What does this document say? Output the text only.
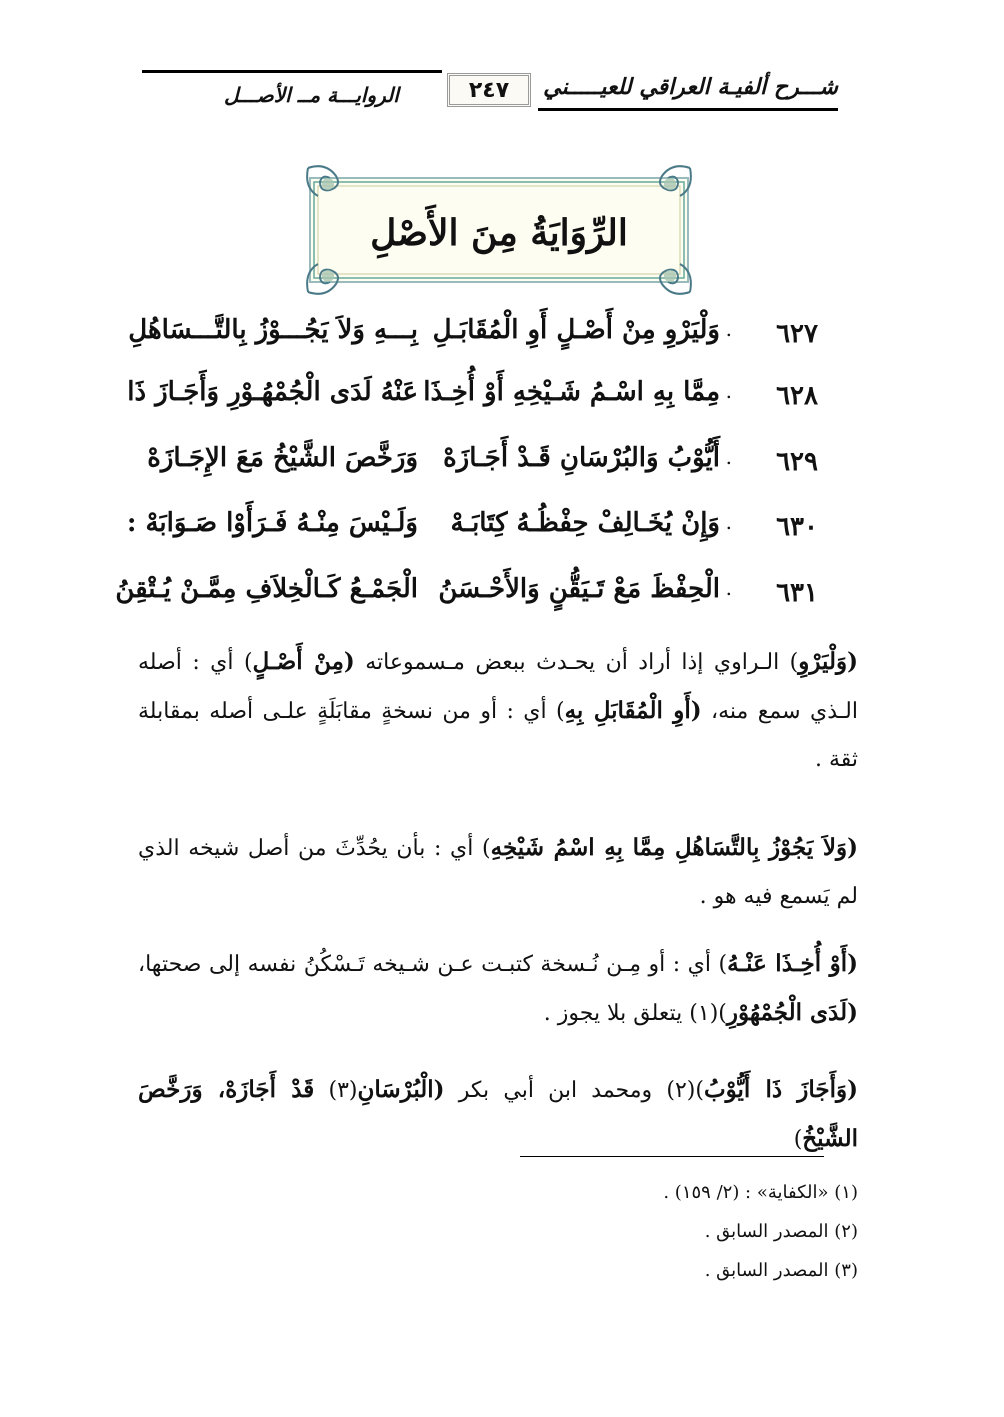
شـــرح ألفيـة العراقي للعيـــــني
٢٤٧
الروايـــة مــ الأصـــل
الرِّوَايَةُ مِنَ الأَصْلِ
٦٢٧
.
وَلْيَرْوِ مِنْ أَصْـلٍ أَوِ الْمُقَابَـلِ
بِـــهِ وَلاَ يَجُـــوْزُ بِالتَّـــسَاهُلِ
٦٢٨
.
مِمَّا بِهِ اسْـمُ شَـيْخِهِ أَوْ أُخِـذَا
عَنْهُ لَدَى الْجُمْهُـوْرِ وَأَجَـازَ ذَا
٦٢٩
.
أَيُّوْبُ وَالبُرْسَانِ قَـدْ أَجَـازَهْ
وَرَخَّصَ الشَّيْخُ مَعَ الإِجَـازَهْ
٦٣٠
.
وَإِنْ يُخَـالِفْ حِفْظُـهُ كِتَابَـهْ
وَلَـيْسَ مِنْـهُ فَـرَأَوْا صَـوَابَهْ :
٦٣١
.
الْحِفْظَ مَعْ تَـيَقُّنٍ وَالأَحْـسَنُ
الْجَمْـعُ كَـالْخِلاَفِ مِمَّـنْ يُـتْقِنُ

(وَلْيَرْوِ) الـراوي إذا أراد أن يحـدث ببعض مـسموعاته (مِنْ أَصْـلٍ) أي : أصله الـذي سمع منه، (أَوِ الْمُقَابَلِ بِهِ) أي : أو من نسخةٍ مقابَلَةٍ علـى أصله بمقابلة ثقة .

(وَلاَ يَجُوْزُ بِالتَّسَاهُلِ مِمَّا بِهِ اسْمُ شَيْخِهِ) أي : بأن يحُدِّثَ من أصل شيخه الذي لم يَسمع فيه هو .

(أَوْ أُخِـذَا عَنْـهُ) أي : أو مِـن نُـسخة كتبـت عـن شـيخه تَـسْكُنُ نفسه إلى صحتها، (لَدَى الْجُمْهُوْرِ)(١) يتعلق بلا يجوز .

(وَأَجَازَ ذَا أَيُّوْبُ)(٢) ومحمد ابن أبي بكر (الْبُرْسَانِ(٣) قَدْ أَجَازَهْ، وَرَخَّصَ الشَّيْخُ)

(١) «الكفاية» : (٢/ ١٥٩) .
(٢) المصدر السابق .
(٣) المصدر السابق .
